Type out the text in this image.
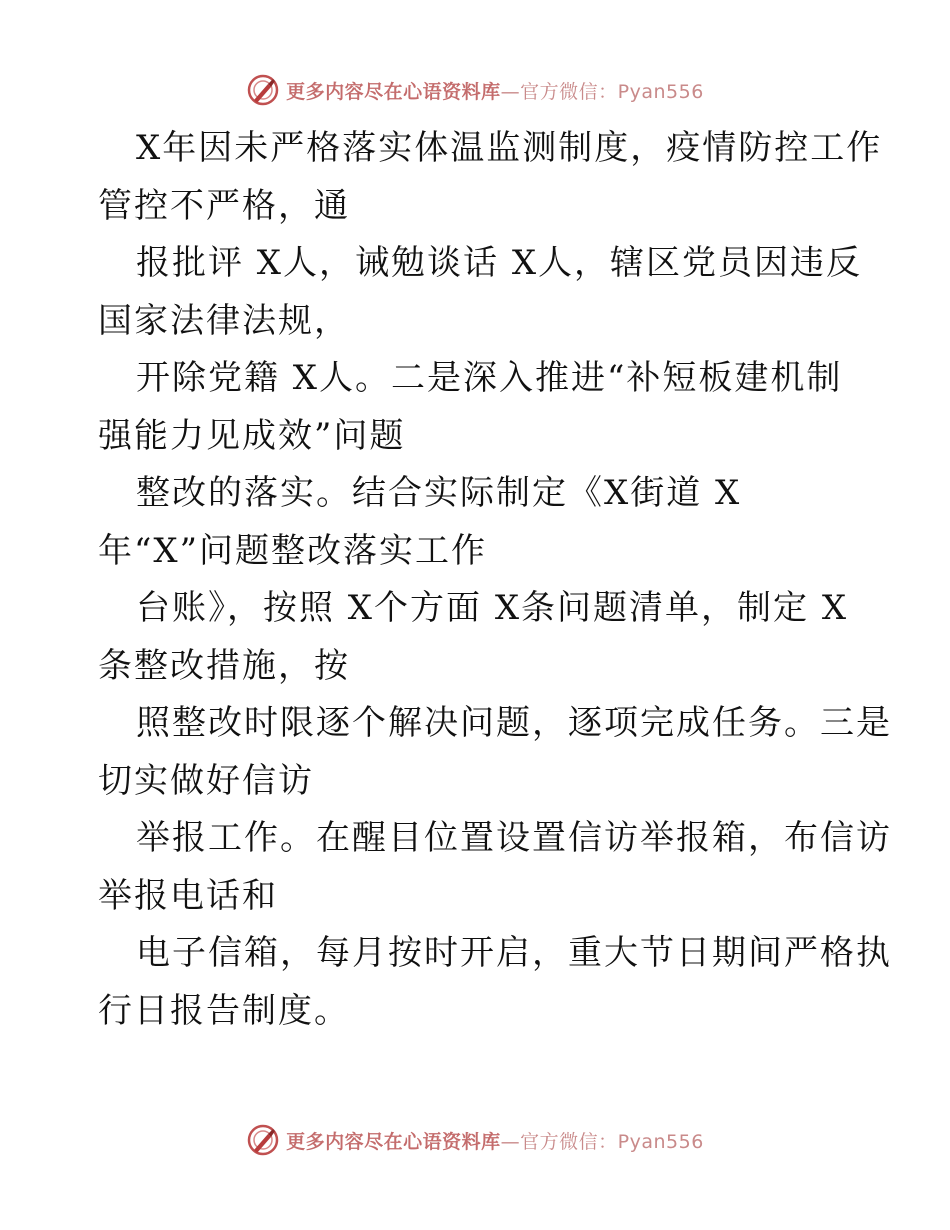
更多内容尽在心语资料库—官方微信：Pyan556
X年因未严格落实体温监测制度，疫情防控工作
管控不严格，通
报批评 X人，诫勉谈话 X人，辖区党员因违反
国家法律法规，
开除党籍 X人。二是深入推进“补短板建机制
强能力见成效”问题
整改的落实。结合实际制定《X街道 X
年“X”问题整改落实工作
台账》，按照 X个方面 X条问题清单，制定 X
条整改措施，按
照整改时限逐个解决问题，逐项完成任务。三是
切实做好信访
举报工作。在醒目位置设置信访举报箱，布信访
举报电话和
电子信箱，每月按时开启，重大节日期间严格执
行日报告制度。
更多内容尽在心语资料库—官方微信：Pyan556
